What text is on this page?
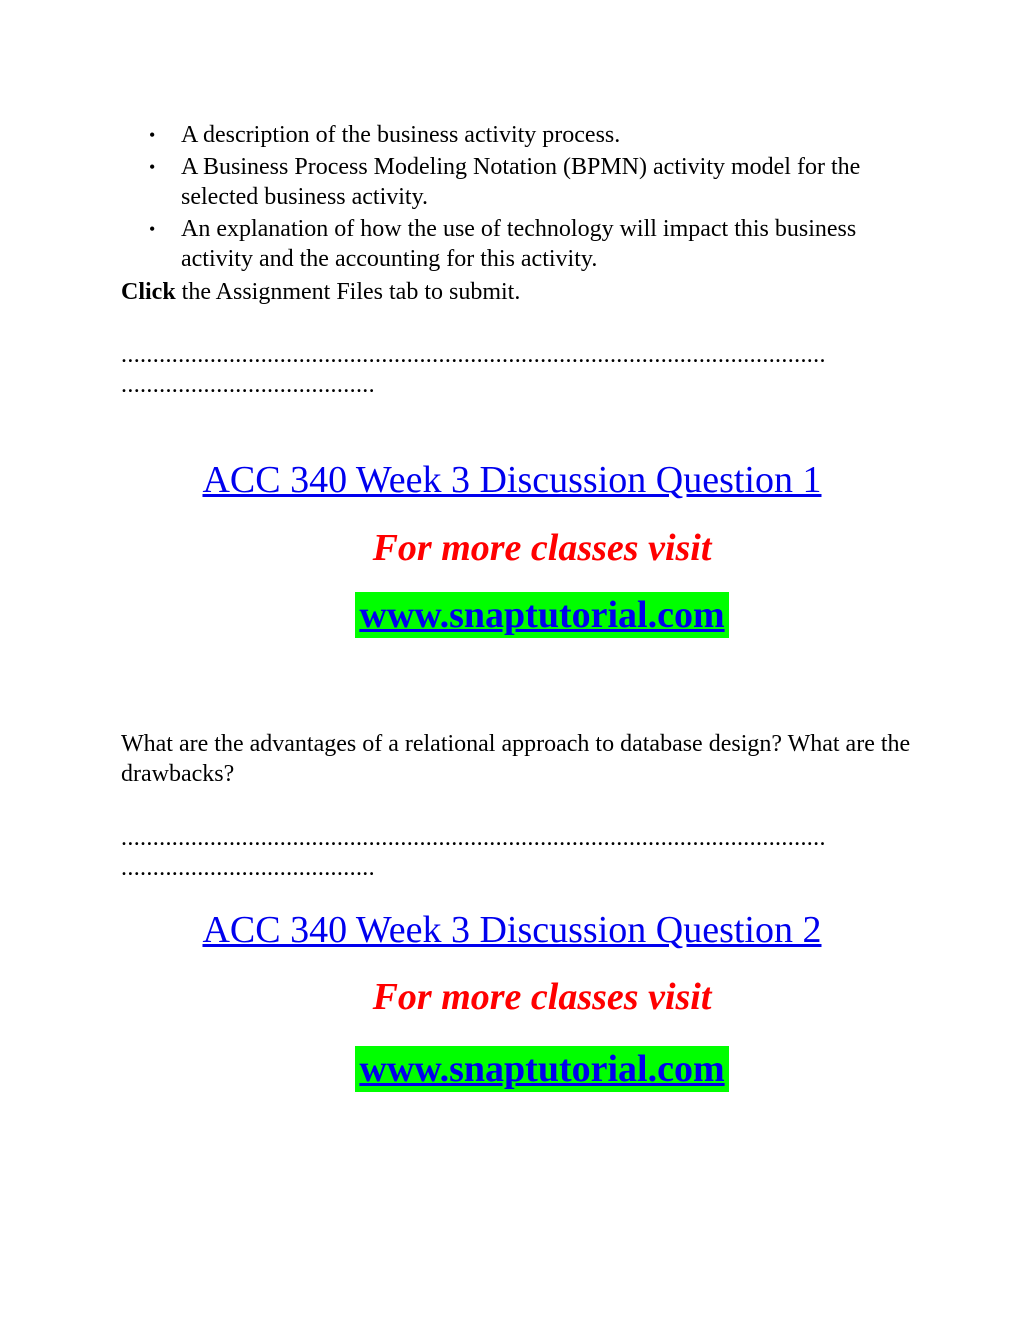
• A description of the business activity process.
• A Business Process Modeling Notation (BPMN) activity model for the selected business activity.
• An explanation of how the use of technology will impact this business activity and the accounting for this activity.

Click the Assignment Files tab to submit.

...............................................................................................................
........................................
ACC 340 Week 3 Discussion Question 1
For more classes visit
www.snaptutorial.com

What are the advantages of a relational approach to database design? What are the drawbacks?

...............................................................................................................
........................................
ACC 340 Week 3 Discussion Question 2
For more classes visit
www.snaptutorial.com
